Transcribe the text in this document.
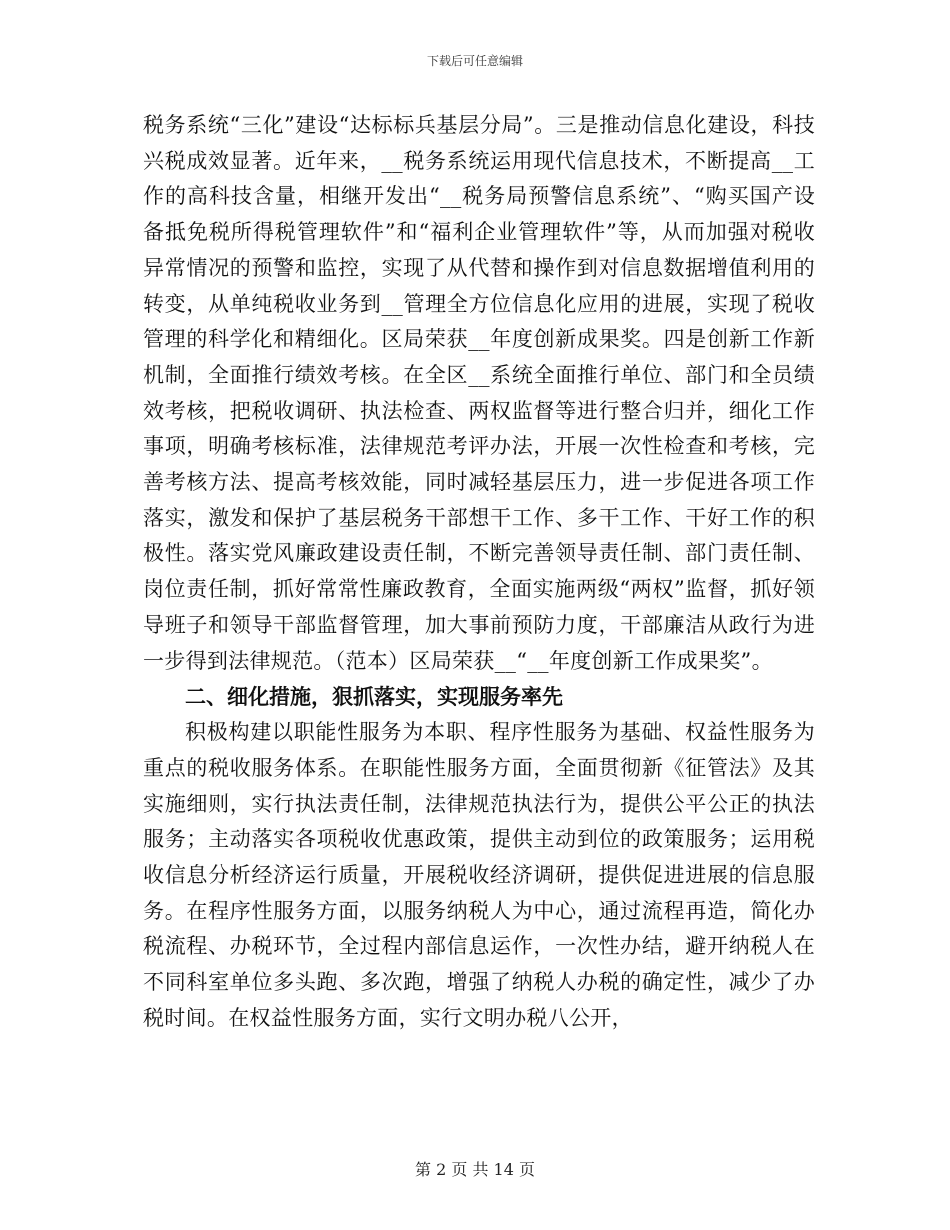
下载后可任意编辑

税务系统“三化”建设“达标标兵基层分局”。三是推动信息化建设，科技兴税成效显著。近年来，__税务系统运用现代信息技术，不断提高__工作的高科技含量，相继开发出“__税务局预警信息系统”、“购买国产设备抵免税所得税管理软件”和“福利企业管理软件”等，从而加强对税收异常情况的预警和监控，实现了从代替和操作到对信息数据增值利用的转变，从单纯税收业务到__管理全方位信息化应用的进展，实现了税收管理的科学化和精细化。区局荣获__年度创新成果奖。四是创新工作新机制，全面推行绩效考核。在全区__系统全面推行单位、部门和全员绩效考核，把税收调研、执法检查、两权监督等进行整合归并，细化工作事项，明确考核标准，法律规范考评办法，开展一次性检查和考核，完善考核方法、提高考核效能，同时减轻基层压力，进一步促进各项工作落实，激发和保护了基层税务干部想干工作、多干工作、干好工作的积极性。落实党风廉政建设责任制，不断完善领导责任制、部门责任制、岗位责任制，抓好常常性廉政教育，全面实施两级“两权”监督，抓好领导班子和领导干部监督管理，加大事前预防力度，干部廉洁从政行为进一步得到法律规范。（范本）区局荣获__“__年度创新工作成果奖”。

二、细化措施，狠抓落实，实现服务率先

积极构建以职能性服务为本职、程序性服务为基础、权益性服务为重点的税收服务体系。在职能性服务方面，全面贯彻新《征管法》及其实施细则，实行执法责任制，法律规范执法行为，提供公平公正的执法服务；主动落实各项税收优惠政策，提供主动到位的政策服务；运用税收信息分析经济运行质量，开展税收经济调研，提供促进进展的信息服务。在程序性服务方面，以服务纳税人为中心，通过流程再造，简化办税流程、办税环节，全过程内部信息运作，一次性办结，避开纳税人在不同科室单位多头跑、多次跑，增强了纳税人办税的确定性，减少了办税时间。在权益性服务方面，实行文明办税八公开，

第 2 页 共 14 页
